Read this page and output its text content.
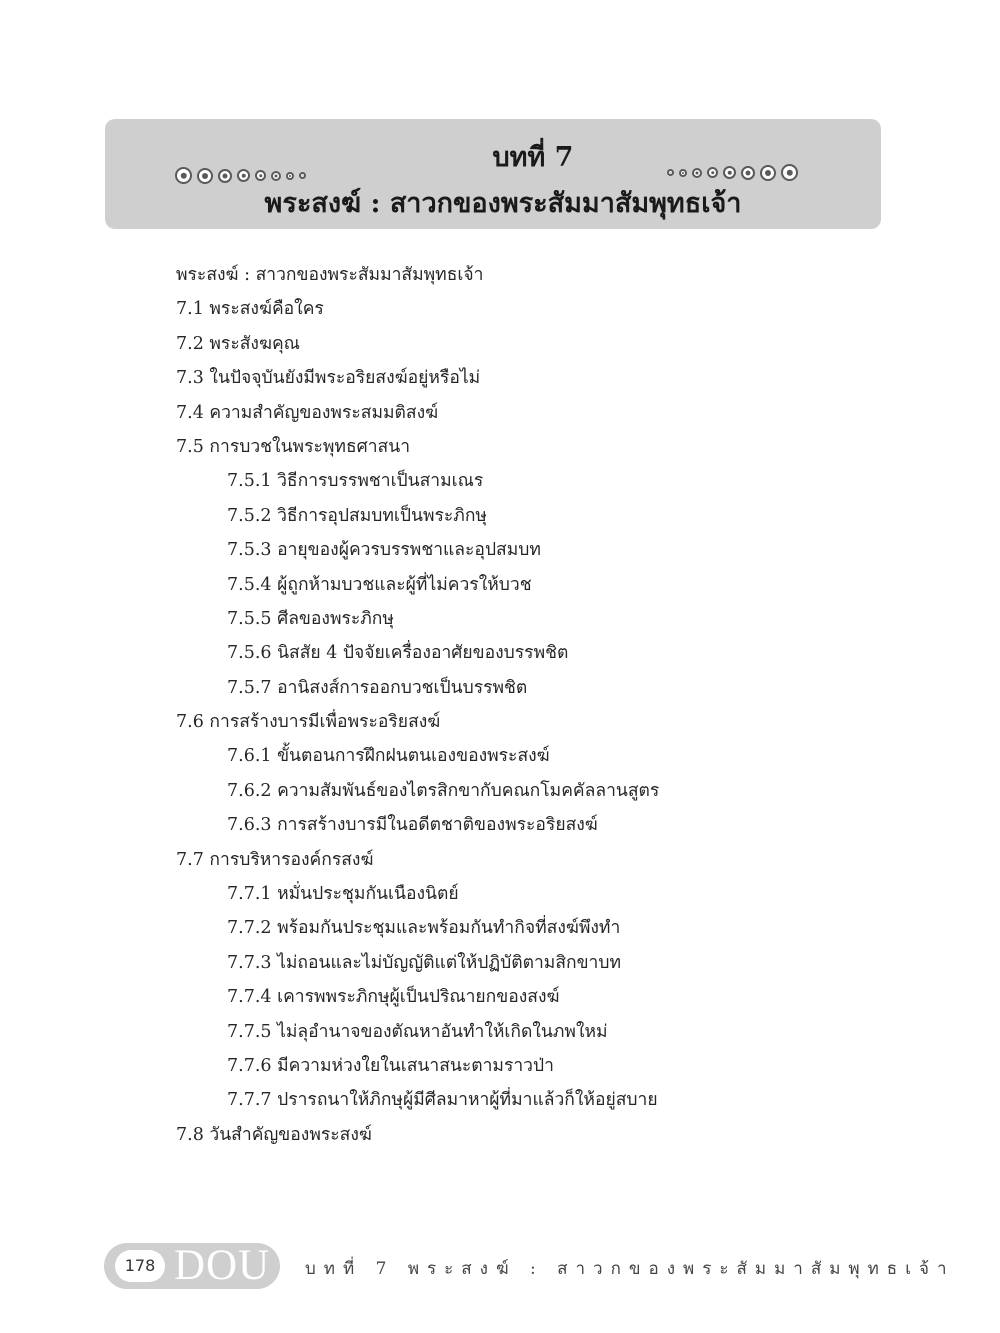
บทที่ 7
พระสงฆ์ : สาวกของพระสัมมาสัมพุทธเจ้า
พระสงฆ์ : สาวกของพระสัมมาสัมพุทธเจ้า
7.1 พระสงฆ์คือใคร
7.2 พระสังฆคุณ
7.3 ในปัจจุบันยังมีพระอริยสงฆ์อยู่หรือไม่
7.4 ความสำคัญของพระสมมติสงฆ์
7.5 การบวชในพระพุทธศาสนา
7.5.1 วิธีการบรรพชาเป็นสามเณร
7.5.2 วิธีการอุปสมบทเป็นพระภิกษุ
7.5.3 อายุของผู้ควรบรรพชาและอุปสมบท
7.5.4 ผู้ถูกห้ามบวชและผู้ที่ไม่ควรให้บวช
7.5.5 ศีลของพระภิกษุ
7.5.6 นิสสัย 4 ปัจจัยเครื่องอาศัยของบรรพชิต
7.5.7 อานิสงส์การออกบวชเป็นบรรพชิต
7.6 การสร้างบารมีเพื่อพระอริยสงฆ์
7.6.1 ขั้นตอนการฝึกฝนตนเองของพระสงฆ์
7.6.2 ความสัมพันธ์ของไตรสิกขากับคณกโมคคัลลานสูตร
7.6.3 การสร้างบารมีในอดีตชาติของพระอริยสงฆ์
7.7 การบริหารองค์กรสงฆ์
7.7.1 หมั่นประชุมกันเนืองนิตย์
7.7.2 พร้อมกันประชุมและพร้อมกันทำกิจที่สงฆ์พึงทำ
7.7.3 ไม่ถอนและไม่บัญญัติแต่ให้ปฏิบัติตามสิกขาบท
7.7.4 เคารพพระภิกษุผู้เป็นปริณายกของสงฆ์
7.7.5 ไม่ลุอำนาจของตัณหาอันทำให้เกิดในภพใหม่
7.7.6 มีความห่วงใยในเสนาสนะตามราวป่า
7.7.7 ปรารถนาให้ภิกษุผู้มีศีลมาหาผู้ที่มาแล้วก็ให้อยู่สบาย
7.8 วันสำคัญของพระสงฆ์
178 DOU บทที่ 7 พระสงฆ์ : สาวกของพระสัมมาสัมพุทธเจ้า
